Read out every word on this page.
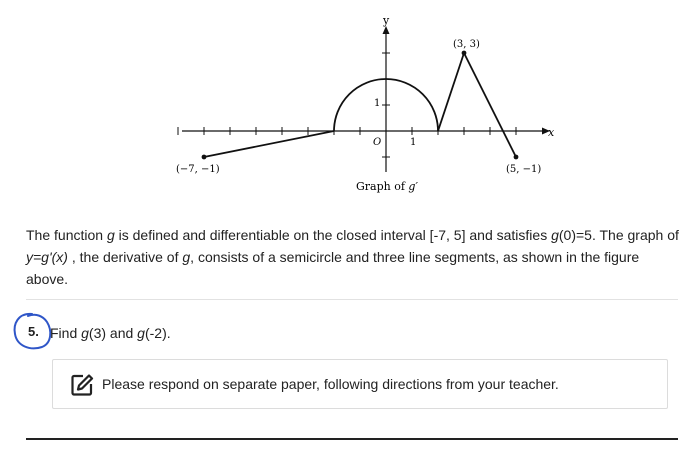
y
x
O	1
1
(3, 3)
(−7, −1)	(5, −1)
Graph of g′
The function g is defined and differentiable on the closed interval [-7, 5] and satisfies g(0)=5. The graph of y=g'(x) , the derivative of g, consists of a semicircle and three line segments, as shown in the figure above.
5. Find g(3) and g(-2).
Please respond on separate paper, following directions from your teacher.
